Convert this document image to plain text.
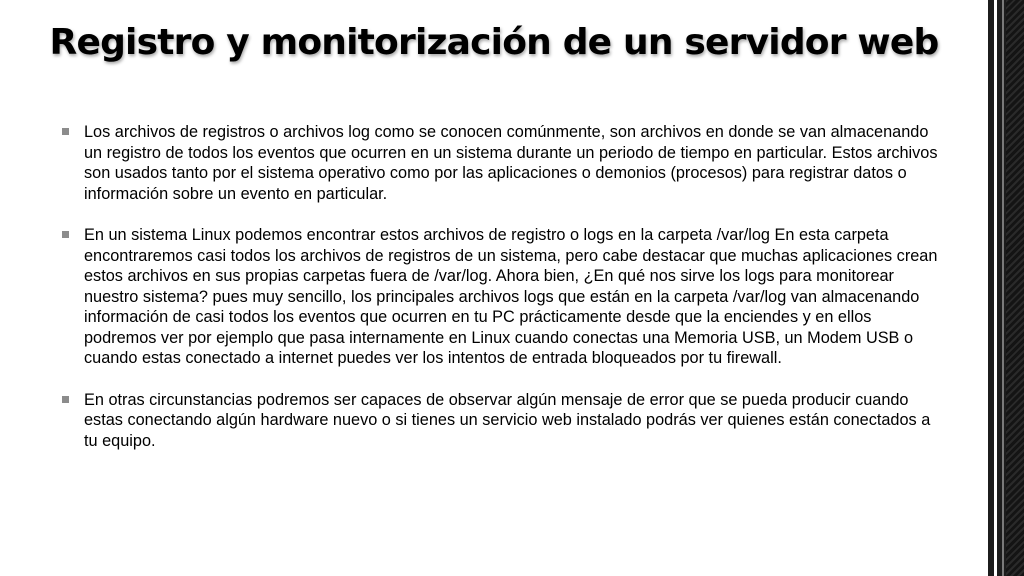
Registro y monitorización de un servidor web
Los archivos de registros o archivos log como se conocen comúnmente, son archivos en donde se van almacenando un registro de todos los eventos que ocurren en un sistema durante un periodo de tiempo en particular. Estos archivos son usados tanto por el sistema operativo como por las aplicaciones o demonios (procesos) para registrar datos o información sobre un evento en particular.
En un sistema Linux podemos encontrar estos archivos de registro o logs en la carpeta /var/log En esta carpeta encontraremos casi todos los archivos de registros de un sistema, pero cabe destacar que muchas aplicaciones crean estos archivos en sus propias carpetas fuera de /var/log. Ahora bien, ¿En qué nos sirve los logs para monitorear nuestro sistema? pues muy sencillo, los principales archivos logs que están en la carpeta /var/log van almacenando información de casi todos los eventos que ocurren en tu PC prácticamente desde que la enciendes y en ellos podremos ver por ejemplo que pasa internamente en Linux cuando conectas una Memoria USB, un Modem USB o cuando estas conectado a internet puedes ver los intentos de entrada bloqueados por tu firewall.
En otras circunstancias podremos ser capaces de observar algún mensaje de error que se pueda producir cuando estas conectando algún hardware nuevo o si tienes un servicio web instalado podrás ver quienes están conectados a tu equipo.
